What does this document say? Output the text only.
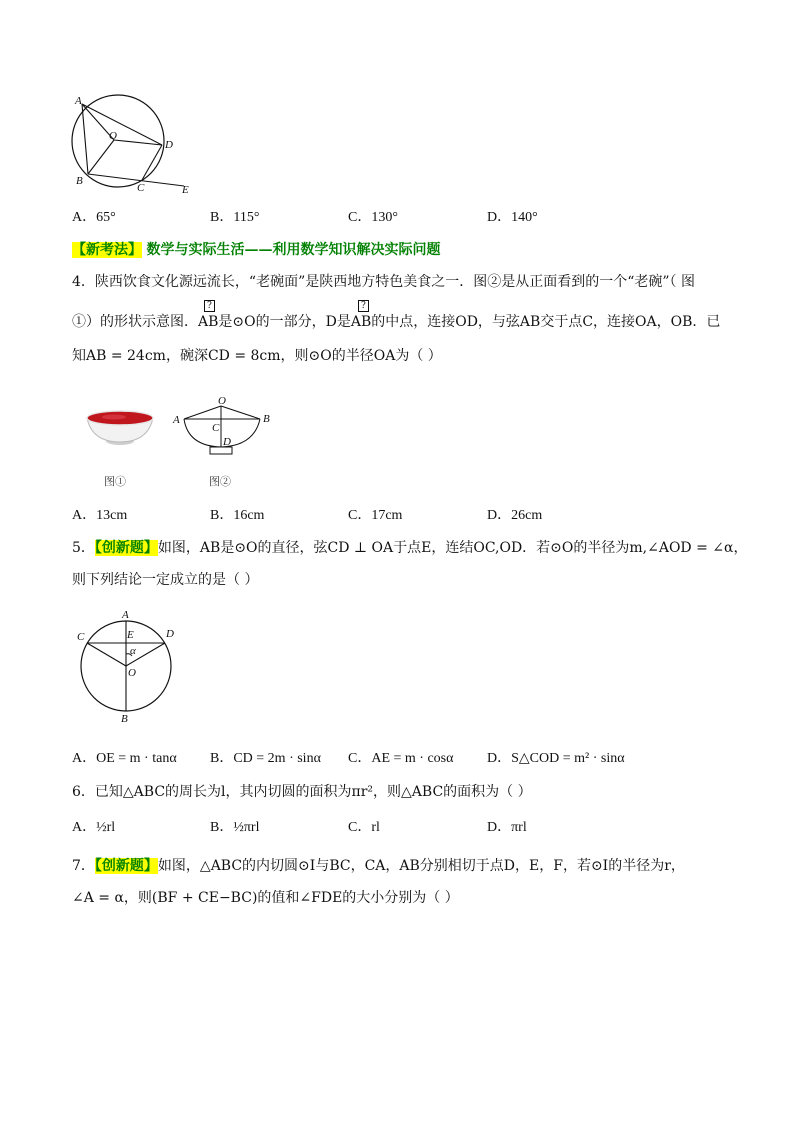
A
O
D
B
C	E
A．65°	B．115°	C．130°	D．140°
【新考法】 数学与实际生活——利用数学知识解决实际问题
4．陕西饮食文化源远流长，“老碗面”是陕西地方特色美食之一．图②是从正面看到的一个“老碗”（ 图
?	?
①）的形状示意图．AB是⊙O的一部分，D是AB的中点，连接OD，与弦AB交于点C，连接OA，OB．已
知AB = 24cm，碗深CD = 8cm，则⊙O的半径OA为（ ）
图①
O
A	B
C
D
图②
A．13cm	B．16cm	C．17cm	D．26cm
5．【创新题】如图，AB是⊙O的直径，弦CD ⊥ OA于点E，连结OC,OD．若⊙O的半径为m,∠AOD = ∠α，
则下列结论一定成立的是（ ）
A
C	E	D
α
O
B
A．OE = m · tanα B．CD = 2m · sinα C．AE = m · cosα D．S△COD = m² · sinα
6．已知△ABC的周长为l，其内切圆的面积为πr²，则△ABC的面积为（ ）
A．½rl	B．½πrl	C．rl	D．πrl
7．【创新题】如图，△ABC的内切圆⊙I与BC，CA，AB分别相切于点D，E，F，若⊙I的半径为r，
∠A = α，则(BF + CE−BC)的值和∠FDE的大小分别为（ ）
